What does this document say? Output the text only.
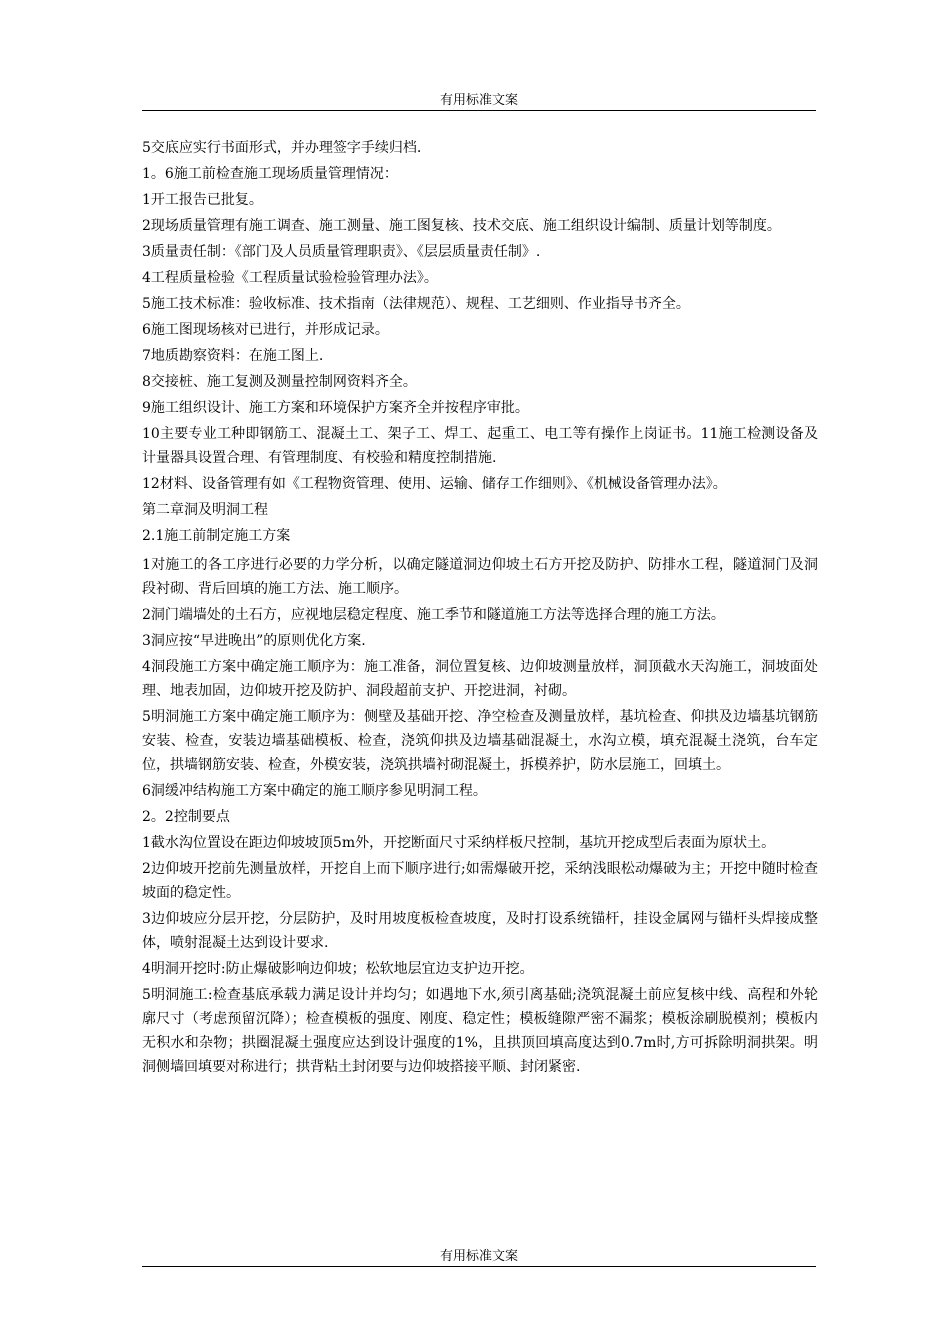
有用标准文案

5交底应实行书面形式，并办理签字手续归档.

1。6施工前检查施工现场质量管理情况：

1开工报告已批复。

2现场质量管理有施工调查、施工测量、施工图复核、技术交底、施工组织设计编制、质量计划等制度。

3质量责任制：《部门及人员质量管理职责》、《层层质量责任制》.

4工程质量检验《工程质量试验检验管理办法》。

5施工技术标准：验收标准、技术指南（法律规范）、规程、工艺细则、作业指导书齐全。

6施工图现场核对已进行，并形成记录。

7地质勘察资料：在施工图上.

8交接桩、施工复测及测量控制网资料齐全。

9施工组织设计、施工方案和环境保护方案齐全并按程序审批。

10主要专业工种即钢筋工、混凝土工、架子工、焊工、起重工、电工等有操作上岗证书。11施工检测设备及计量器具设置合理、有管理制度、有校验和精度控制措施.

12材料、设备管理有如《工程物资管理、使用、运输、储存工作细则》、《机械设备管理办法》。

第二章洞及明洞工程

2.1施工前制定施工方案

1对施工的各工序进行必要的力学分析，以确定隧道洞边仰坡土石方开挖及防护、防排水工程，隧道洞门及洞段衬砌、背后回填的施工方法、施工顺序。

2洞门端墙处的土石方，应视地层稳定程度、施工季节和隧道施工方法等选择合理的施工方法。

3洞应按“早进晚出”的原则优化方案.

4洞段施工方案中确定施工顺序为：施工准备，洞位置复核、边仰坡测量放样，洞顶截水天沟施工，洞坡面处理、地表加固，边仰坡开挖及防护、洞段超前支护、开挖进洞，衬砌。

5明洞施工方案中确定施工顺序为：侧壁及基础开挖、净空检查及测量放样，基坑检查、仰拱及边墙基坑钢筋安装、检查，安装边墙基础模板、检查，浇筑仰拱及边墙基础混凝土，水沟立模，填充混凝土浇筑，台车定位，拱墙钢筋安装、检查，外模安装，浇筑拱墙衬砌混凝土，拆模养护，防水层施工，回填土。

6洞缓冲结构施工方案中确定的施工顺序参见明洞工程。

2。2控制要点

1截水沟位置设在距边仰坡坡顶5m外，开挖断面尺寸采纳样板尺控制，基坑开挖成型后表面为原状土。

2边仰坡开挖前先测量放样，开挖自上而下顺序进行;如需爆破开挖，采纳浅眼松动爆破为主；开挖中随时检查坡面的稳定性。

3边仰坡应分层开挖，分层防护，及时用坡度板检查坡度，及时打设系统锚杆，挂设金属网与锚杆头焊接成整体，喷射混凝土达到设计要求.

4明洞开挖时:防止爆破影响边仰坡；松软地层宜边支护边开挖。

5明洞施工:检查基底承载力满足设计并均匀；如遇地下水,须引离基础;浇筑混凝土前应复核中线、高程和外轮廓尺寸（考虑预留沉降）；检查模板的强度、刚度、稳定性；模板缝隙严密不漏浆；模板涂刷脱模剂；模板内无积水和杂物；拱圈混凝土强度应达到设计强度的1%，且拱顶回填高度达到0.7m时,方可拆除明洞拱架。明洞侧墙回填要对称进行；拱背粘土封闭要与边仰坡搭接平顺、封闭紧密.

有用标准文案
